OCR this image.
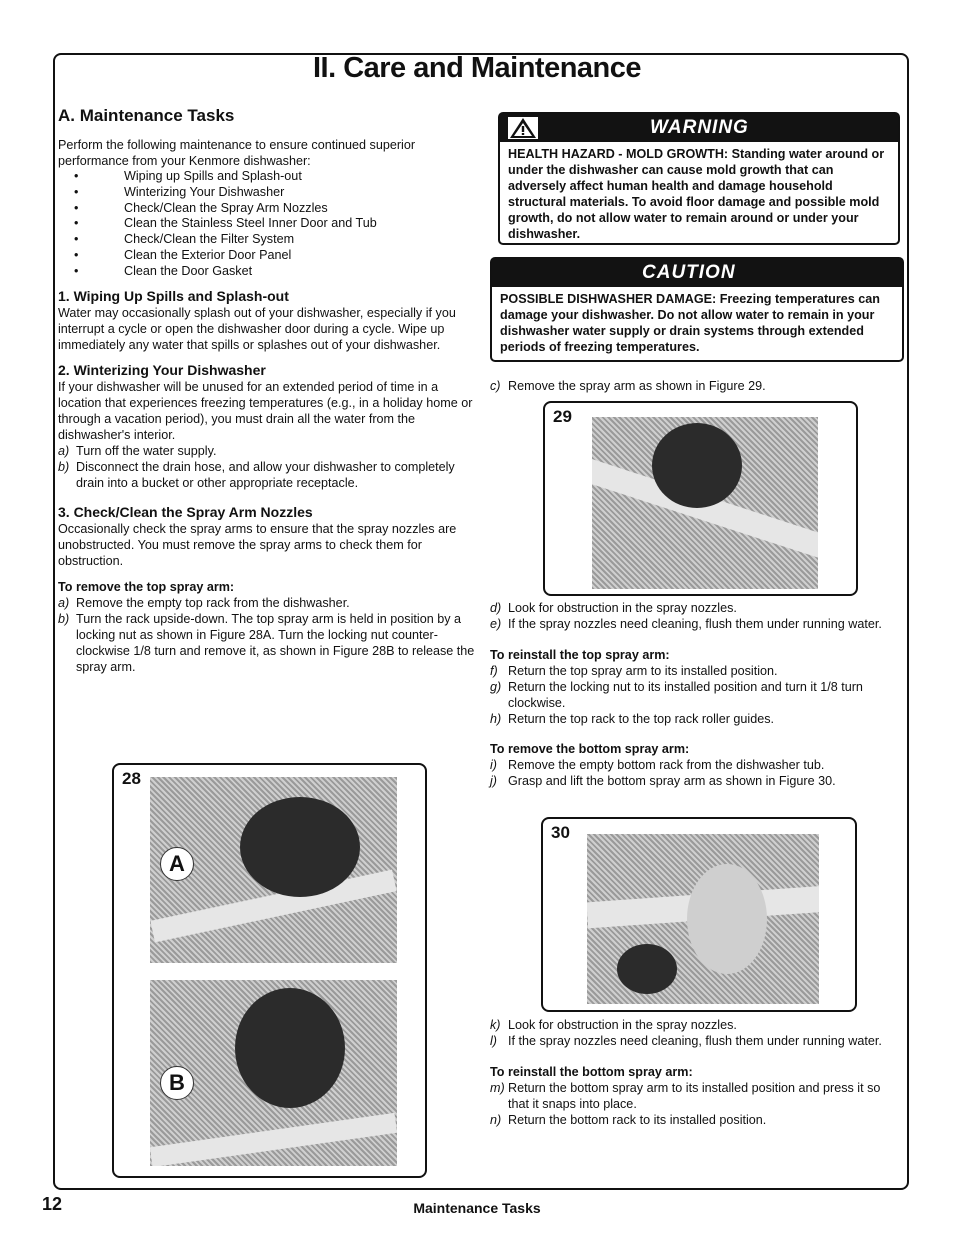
II. Care and Maintenance
A. Maintenance Tasks

Perform the following maintenance to ensure continued superior performance from your Kenmore dishwasher:

• Wiping up Spills and Splash-out
• Winterizing Your Dishwasher
• Check/Clean the Spray Arm Nozzles
• Clean the Stainless Steel Inner Door and Tub
• Check/Clean the Filter System
• Clean the Exterior Door Panel
• Clean the Door Gasket
1. Wiping Up Spills and Splash-out

Water may occasionally splash out of your dishwasher, especially if you interrupt a cycle or open the dishwasher door during a cycle. Wipe up immediately any water that spills or splashes out of your dishwasher.

2. Winterizing Your Dishwasher

If your dishwasher will be unused for an extended period of time in a location that experiences freezing temperatures (e.g., in a holiday home or through a vacation period), you must drain all the water from the dishwasher's interior.

a) Turn off the water supply.

b) Disconnect the drain hose, and allow your dishwasher to completely drain into a bucket or other appropriate receptacle.

3. Check/Clean the Spray Arm Nozzles

Occasionally check the spray arms to ensure that the spray nozzles are unobstructed. You must remove the spray arms to check them for obstruction.

To remove the top spray arm:

a) Remove the empty top rack from the dishwasher.

b) Turn the rack upside-down. The top spray arm is held in position by a locking nut as shown in Figure 28A. Turn the locking nut counter-clockwise 1/8 turn and remove it, as shown in Figure 28B to release the spray arm.

28
A
B
WARNING
HEALTH HAZARD - MOLD GROWTH: Standing water around or under the dishwasher can cause mold growth that can adversely affect human health and damage household structural materials. To avoid floor damage and possible mold growth, do not allow water to remain around or under your dishwasher.
CAUTION
POSSIBLE DISHWASHER DAMAGE: Freezing temperatures can damage your dishwasher. Do not allow water to remain in your dishwasher water supply or drain systems through extended periods of freezing temperatures.

c) Remove the spray arm as shown in Figure 29.

29

d) Look for obstruction in the spray nozzles.

e) If the spray nozzles need cleaning, flush them under running water.

To reinstall the top spray arm:

f) Return the top spray arm to its installed position.

g) Return the locking nut to its installed position and turn it 1/8 turn clockwise.

h) Return the top rack to the top rack roller guides.

To remove the bottom spray arm:

i) Remove the empty bottom rack from the dishwasher tub.

j) Grasp and lift the bottom spray arm as shown in Figure 30.

30

k) Look for obstruction in the spray nozzles.

l) If the spray nozzles need cleaning, flush them under running water.

To reinstall the bottom spray arm:

m) Return the bottom spray arm to its installed position and press it so that it snaps into place.

n) Return the bottom rack to its installed position.

12	Maintenance Tasks
